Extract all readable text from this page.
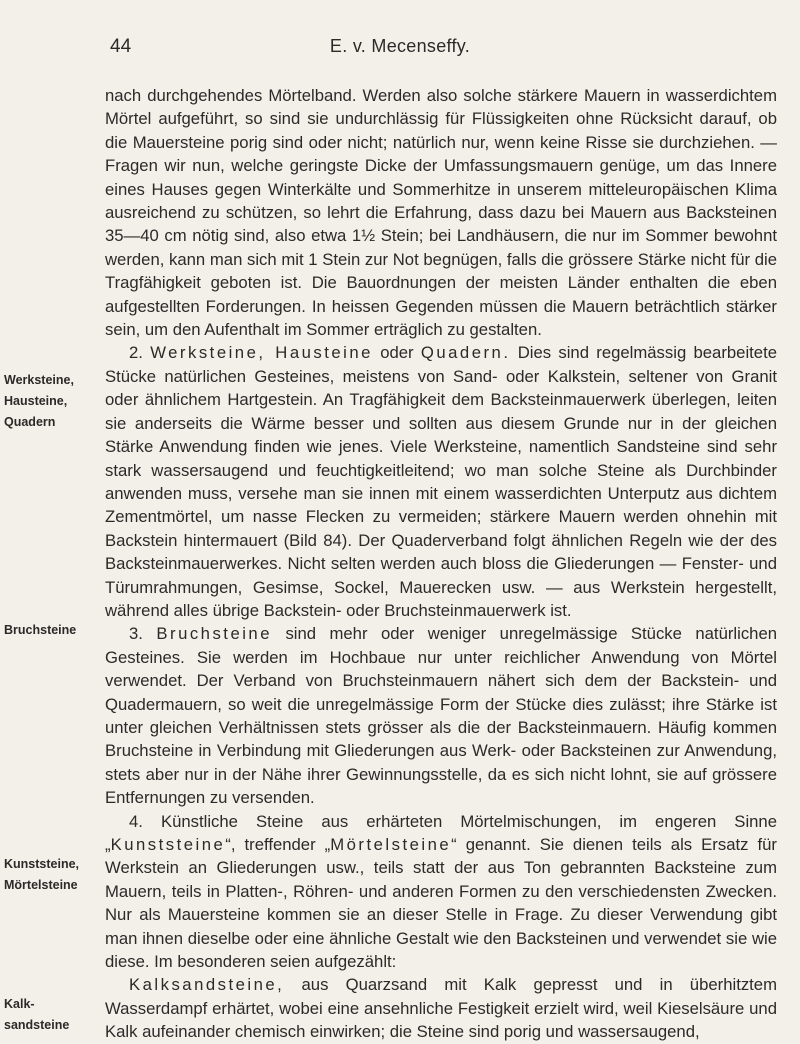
44	E. v. Mecenseffy.
Werksteine,
Hausteine,
Quadern
Bruchsteine
Kunststeine,
Mörtelsteine
Kalk-
sandsteine

nach durchgehendes Mörtelband. Werden also solche stärkere Mauern in wasserdichtem Mörtel aufgeführt, so sind sie undurchlässig für Flüssigkeiten ohne Rücksicht darauf, ob die Mauersteine porig sind oder nicht; natürlich nur, wenn keine Risse sie durchziehen. — Fragen wir nun, welche geringste Dicke der Umfassungsmauern genüge, um das Innere eines Hauses gegen Winterkälte und Sommerhitze in unserem mitteleuropäischen Klima ausreichend zu schützen, so lehrt die Erfahrung, dass dazu bei Mauern aus Backsteinen 35—40 cm nötig sind, also etwa 1½ Stein; bei Landhäusern, die nur im Sommer bewohnt werden, kann man sich mit 1 Stein zur Not begnügen, falls die grössere Stärke nicht für die Tragfähigkeit geboten ist. Die Bauordnungen der meisten Länder enthalten die eben aufgestellten Forderungen. In heissen Gegenden müssen die Mauern beträchtlich stärker sein, um den Aufenthalt im Sommer erträglich zu gestalten.

2. Werksteine, Hausteine oder Quadern. Dies sind regelmässig bearbeitete Stücke natürlichen Gesteines, meistens von Sand- oder Kalkstein, seltener von Granit oder ähnlichem Hartgestein. An Tragfähigkeit dem Backsteinmauerwerk überlegen, leiten sie anderseits die Wärme besser und sollten aus diesem Grunde nur in der gleichen Stärke Anwendung finden wie jenes. Viele Werksteine, namentlich Sandsteine sind sehr stark wassersaugend und feuchtigkeitleitend; wo man solche Steine als Durchbinder anwenden muss, versehe man sie innen mit einem wasserdichten Unterputz aus dichtem Zementmörtel, um nasse Flecken zu vermeiden; stärkere Mauern werden ohnehin mit Backstein hintermauert (Bild 84). Der Quaderverband folgt ähnlichen Regeln wie der des Backsteinmauerwerkes. Nicht selten werden auch bloss die Gliederungen — Fenster- und Türumrahmungen, Gesimse, Sockel, Mauerecken usw. — aus Werkstein hergestellt, während alles übrige Backstein- oder Bruchsteinmauerwerk ist.

3. Bruchsteine sind mehr oder weniger unregelmässige Stücke natürlichen Gesteines. Sie werden im Hochbaue nur unter reichlicher Anwendung von Mörtel verwendet. Der Verband von Bruchsteinmauern nähert sich dem der Backstein- und Quadermauern, so weit die unregelmässige Form der Stücke dies zulässt; ihre Stärke ist unter gleichen Verhältnissen stets grösser als die der Backsteinmauern. Häufig kommen Bruchsteine in Verbindung mit Gliederungen aus Werk- oder Backsteinen zur Anwendung, stets aber nur in der Nähe ihrer Gewinnungsstelle, da es sich nicht lohnt, sie auf grössere Entfernungen zu versenden.

4. Künstliche Steine aus erhärteten Mörtelmischungen, im engeren Sinne „Kunststeine“, treffender „Mörtelsteine“ genannt. Sie dienen teils als Ersatz für Werkstein an Gliederungen usw., teils statt der aus Ton gebrannten Backsteine zum Mauern, teils in Platten-, Röhren- und anderen Formen zu den verschiedensten Zwecken. Nur als Mauersteine kommen sie an dieser Stelle in Frage. Zu dieser Verwendung gibt man ihnen dieselbe oder eine ähnliche Gestalt wie den Backsteinen und verwendet sie wie diese. Im besonderen seien aufgezählt:

Kalksandsteine, aus Quarzsand mit Kalk gepresst und in überhitztem Wasserdampf erhärtet, wobei eine ansehnliche Festigkeit erzielt wird, weil Kieselsäure und Kalk aufeinander chemisch einwirken; die Steine sind porig und wassersaugend,
